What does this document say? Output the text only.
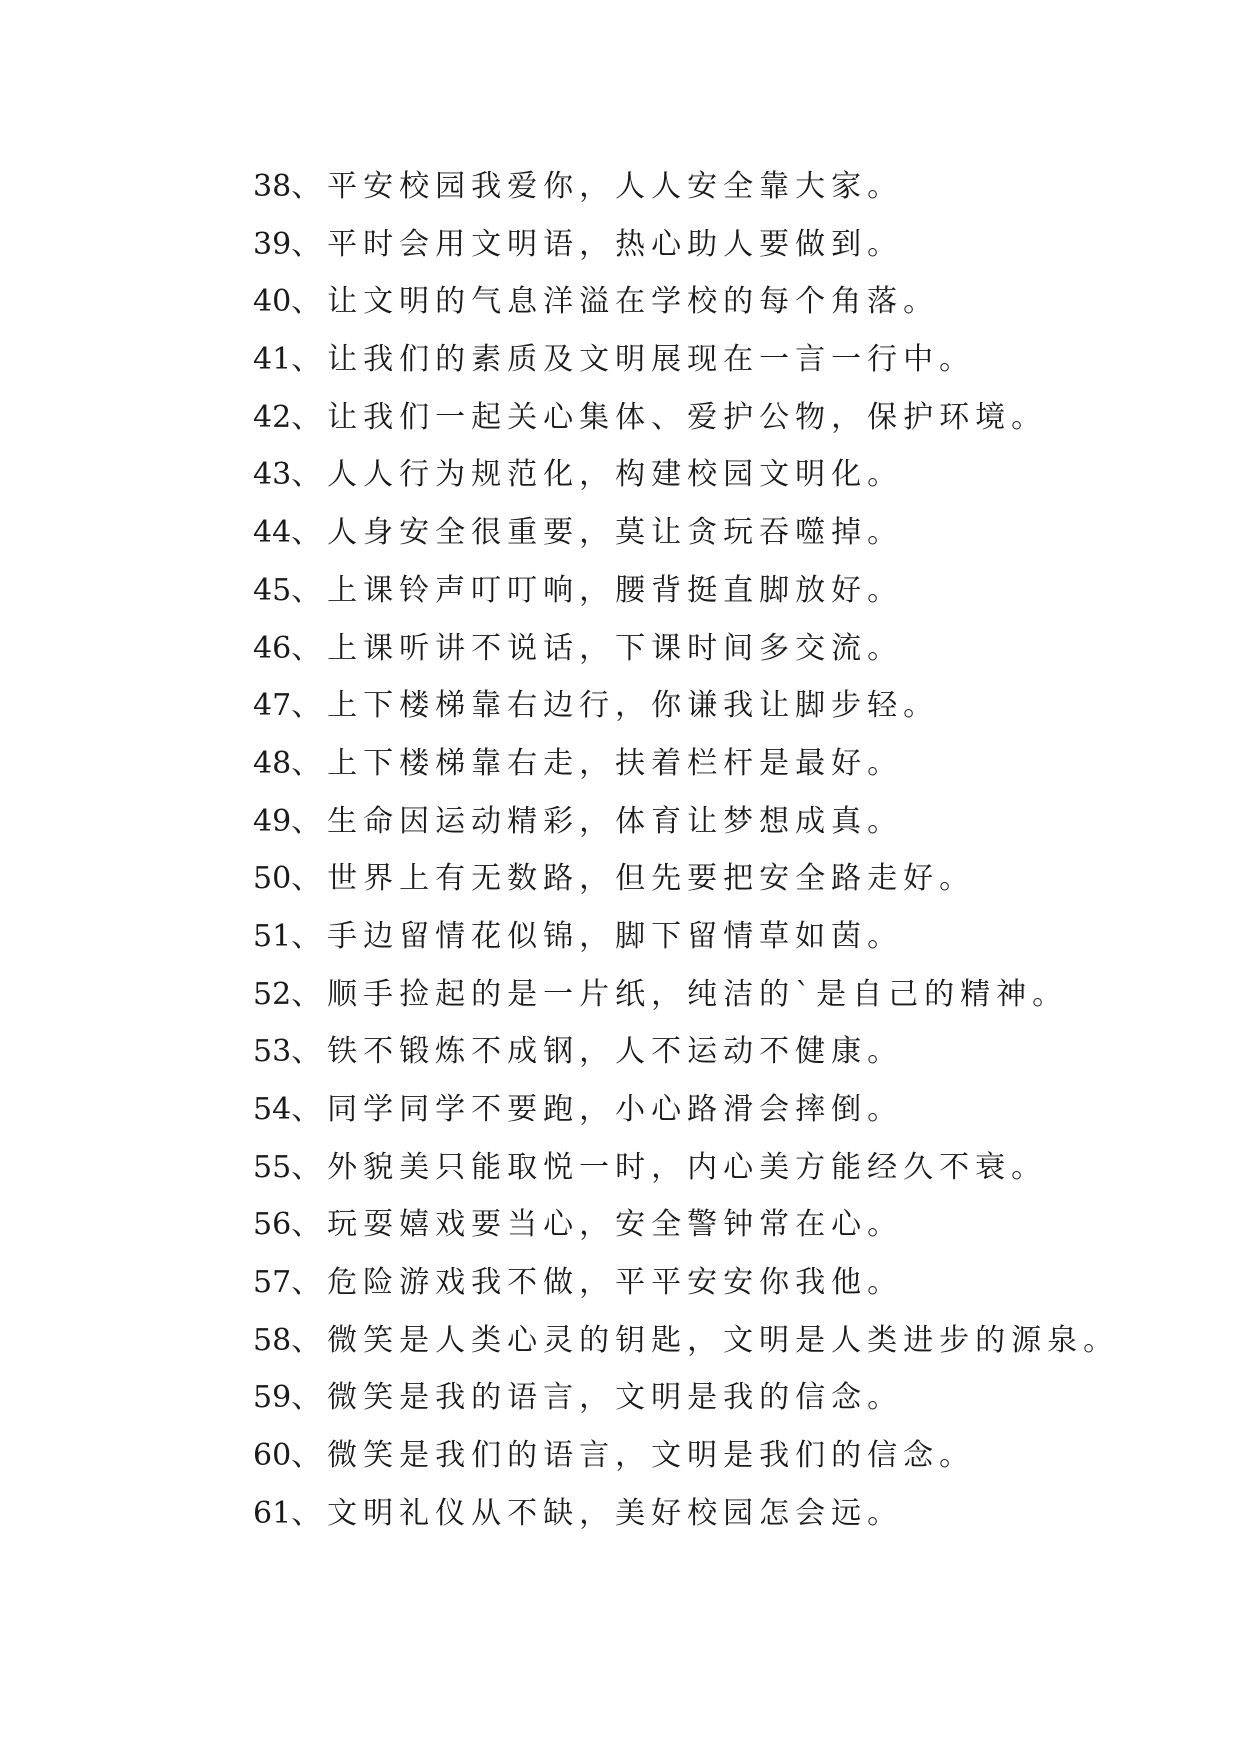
38、平安校园我爱你，人人安全靠大家。
39、平时会用文明语，热心助人要做到。
40、让文明的气息洋溢在学校的每个角落。
41、让我们的素质及文明展现在一言一行中。
42、让我们一起关心集体、爱护公物，保护环境。
43、人人行为规范化，构建校园文明化。
44、人身安全很重要，莫让贪玩吞噬掉。
45、上课铃声叮叮响，腰背挺直脚放好。
46、上课听讲不说话，下课时间多交流。
47、上下楼梯靠右边行，你谦我让脚步轻。
48、上下楼梯靠右走，扶着栏杆是最好。
49、生命因运动精彩，体育让梦想成真。
50、世界上有无数路，但先要把安全路走好。
51、手边留情花似锦，脚下留情草如茵。
52、顺手捡起的是一片纸，纯洁的`是自己的精神。
53、铁不锻炼不成钢，人不运动不健康。
54、同学同学不要跑，小心路滑会摔倒。
55、外貌美只能取悦一时，内心美方能经久不衰。
56、玩耍嬉戏要当心，安全警钟常在心。
57、危险游戏我不做，平平安安你我他。
58、微笑是人类心灵的钥匙，文明是人类进步的源泉。
59、微笑是我的语言，文明是我的信念。
60、微笑是我们的语言，文明是我们的信念。
61、文明礼仪从不缺，美好校园怎会远。
